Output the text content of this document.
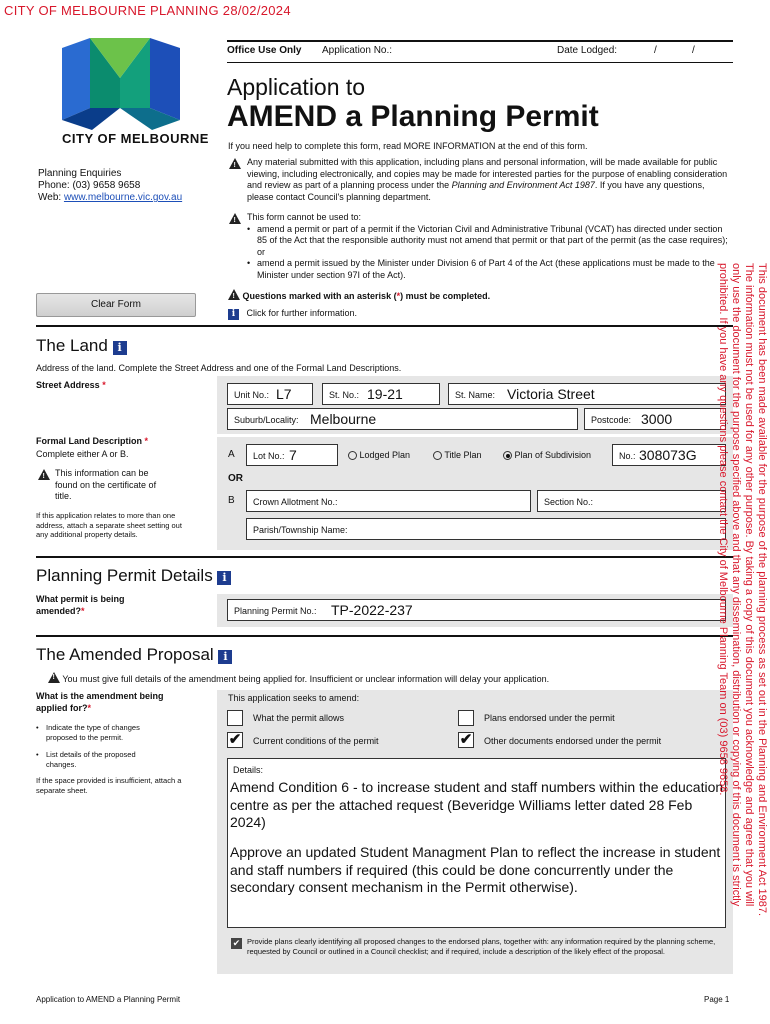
CITY OF MELBOURNE PLANNING 28/02/2024
CITY OF MELBOURNE
Planning Enquiries
Phone: (03) 9658 9658
Web: www.melbourne.vic.gov.au
Office Use Only Application No.:	Date Lodged:	/	/
Application to
AMEND a Planning Permit
If you need help to complete this form, read MORE INFORMATION at the end of this form.
!
Any material submitted with this application, including plans and personal information, will be made available for public viewing, including electronically, and copies may be made for interested parties for the purpose of enabling consideration and review as part of a planning process under the Planning and Environment Act 1987. If you have any questions, please contact Council's planning department.
!
This form cannot be used to:
• amend a permit or part of a permit if the Victorian Civil and Administrative Tribunal (VCAT) has directed under section 85 of the Act that the responsible authority must not amend that permit or that part of the permit (as the case requires); or
• amend a permit issued by the Minister under Division 6 of Part 4 of the Act (these applications must be made to the Minister under section 97I of the Act).
! Questions marked with an asterisk (*) must be completed.
i Click for further information.
Clear Form
The Land i
Address of the land. Complete the Street Address and one of the Formal Land Descriptions.
Street Address *
Unit No.: L7	St. No.: 19-21	St. Name: Victoria Street
Suburb/Locality: Melbourne	Postcode: 3000
Formal Land Description *
Complete either A or B.
!
This information can be found on the certificate of title.
If this application relates to more than one address, attach a separate sheet setting out any additional property details.
A Lot No.: 7	Lodged Plan	Title Plan	Plan of Subdivision	No.: 308073G
OR
B Crown Allotment No.:	Section No.:
Parish/Township Name:
Planning Permit Details i
What permit is being amended?*	Planning Permit No.: TP-2022-237
The Amended Proposal i
! You must give full details of the amendment being applied for. Insufficient or unclear information will delay your application.
What is the amendment being applied for?*
• Indicate the type of changes proposed to the permit.
• List details of the proposed changes.
If the space provided is insufficient, attach a separate sheet.
This application seeks to amend:
What the permit allows	Plans endorsed under the permit
✔ Current conditions of the permit	✔ Other documents endorsed under the permit
Details:
Amend Condition 6 - to increase student and staff numbers within the education centre as per the attached request (Beveridge Williams letter dated 28 Feb 2024)
Approve an updated Student Managment Plan to reflect the increase in student and staff numbers if required (this could be done concurrently under the secondary consent mechanism in the Permit otherwise).
✔ Provide plans clearly identifying all proposed changes to the endorsed plans, together with: any information required by the planning scheme, requested by Council or outlined in a Council checklist; and if required, include a description of the likely effect of the proposal.
Application to AMEND a Planning Permit	Page 1
This document has been made available for the purpose of the planning process as set out in the Planning and Environment Act 1987.
The information must not be used for any other purpose. By taking a copy of this document you acknowledge and agree that you will
only use the document for the purpose specified above and that any dissemination, distribution or copying of this document is strictly
prohibited. If you have any questions please contact the City of Melbourne Planning Team on (03) 9658 9658.
